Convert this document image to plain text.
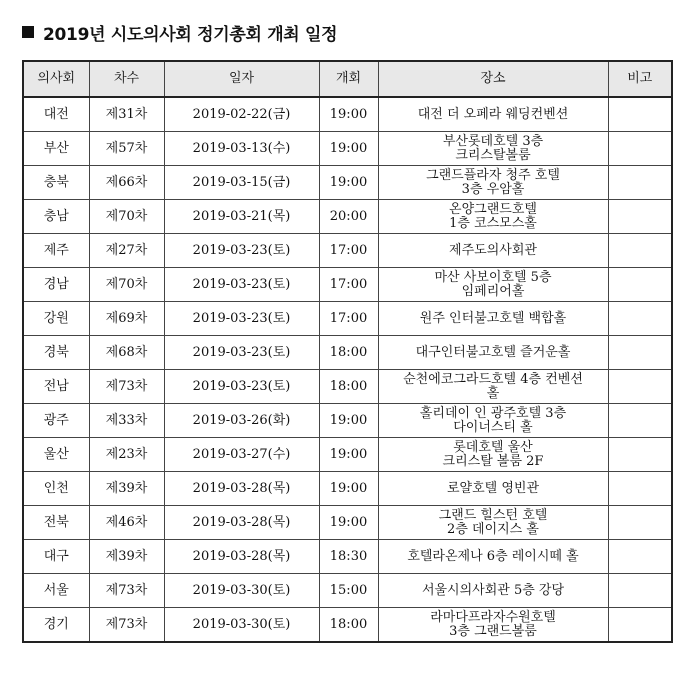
2019년 시도의사회 정기총회 개최 일정
의사회	차수	일자	개회	장소	비고
대전	제31차	2019-02-22(금)	19:00	대전 더 오페라 웨딩컨벤션	

부산	제57차	2019-03-13(수)	19:00	부산롯데호텔 3층
크리스탈볼룸	

충북	제66차	2019-03-15(금)	19:00	그랜드플라자 청주 호텔
3층 우암홀	

충남	제70차	2019-03-21(목)	20:00	온양그랜드호텔
1층 코스모스홀	

제주	제27차	2019-03-23(토)	17:00	제주도의사회관	

경남	제70차	2019-03-23(토)	17:00	마산 사보이호텔 5층
임페리어홀	

강원	제69차	2019-03-23(토)	17:00	원주 인터불고호텔 백합홀	

경북	제68차	2019-03-23(토)	18:00	대구인터불고호텔 즐거운홀	

전남	제73차	2019-03-23(토)	18:00	순천에코그라드호텔 4층 컨벤션
홀	

광주	제33차	2019-03-26(화)	19:00	홀리데이 인 광주호텔 3층
다이너스티 홀	

울산	제23차	2019-03-27(수)	19:00	롯데호텔 울산
크리스탈 볼룸 2F	

인천	제39차	2019-03-28(목)	19:00	로얄호텔 영빈관	

전북	제46차	2019-03-28(목)	19:00	그랜드 힐스턴 호텔
2층 데이지스 홀	

대구	제39차	2019-03-28(목)	18:30	호텔라온제나 6층 레이시떼 홀	

서울	제73차	2019-03-30(토)	15:00	서울시의사회관 5층 강당	

경기	제73차	2019-03-30(토)	18:00	라마다프라자수원호텔
3층 그랜드볼룸	
